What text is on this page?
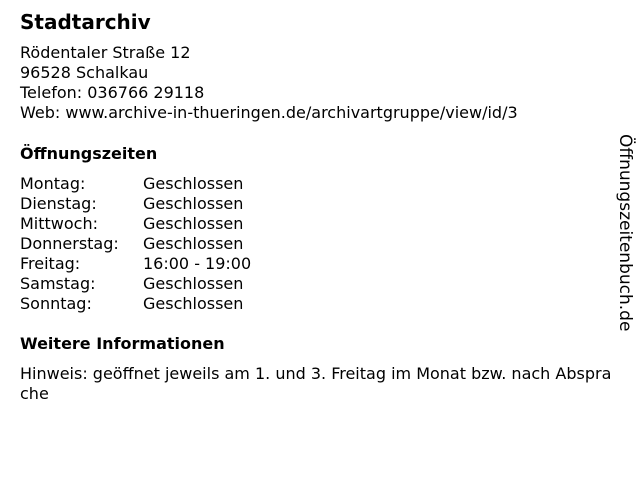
Stadtarchiv
Rödentaler Straße 12
96528 Schalkau
Telefon: 036766 29118
Web: www.archive-in-thueringen.de/archivartgruppe/view/id/3
Öffnungszeiten
Montag:	Geschlossen
Dienstag:	Geschlossen
Mittwoch:	Geschlossen
Donnerstag: Geschlossen
Freitag:	16:00 - 19:00
Samstag:	Geschlossen
Sonntag:	Geschlossen
Weitere Informationen
Hinweis: geöffnet jeweils am 1. und 3. Freitag im Monat bzw. nach Absprache
Öffnungszeitenbuch.de
